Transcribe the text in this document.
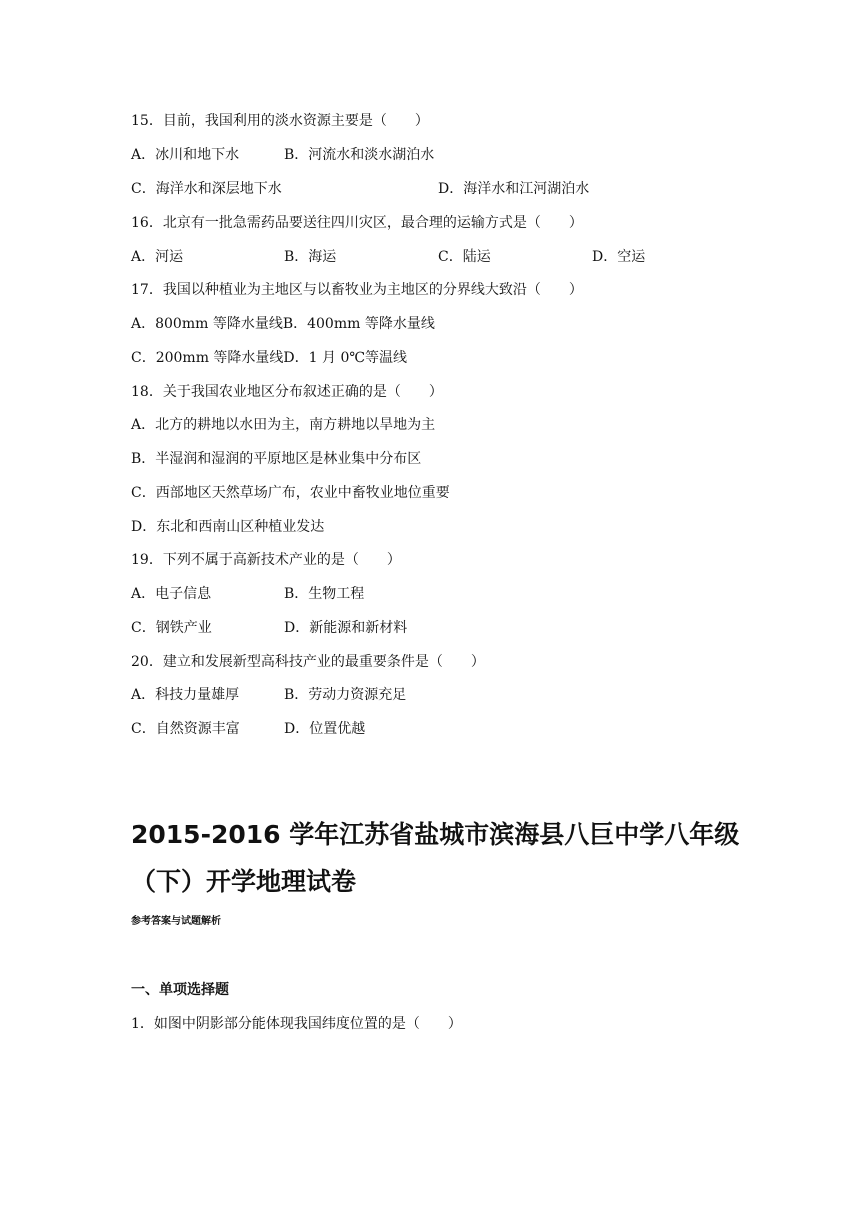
15．目前，我国利用的淡水资源主要是（　　）
A．冰川和地下水	B．河流水和淡水湖泊水
C．海洋水和深层地下水	D．海洋水和江河湖泊水
16．北京有一批急需药品要送往四川灾区，最合理的运输方式是（　　）
A．河运	B．海运	C．陆运	D．空运
17．我国以种植业为主地区与以畜牧业为主地区的分界线大致沿（　　）
A．800mm 等降水量线B．400mm 等降水量线
C．200mm 等降水量线D．1 月 0℃等温线
18．关于我国农业地区分布叙述正确的是（　　）
A．北方的耕地以水田为主，南方耕地以旱地为主
B．半湿润和湿润的平原地区是林业集中分布区
C．西部地区天然草场广布，农业中畜牧业地位重要
D．东北和西南山区种植业发达
19．下列不属于高新技术产业的是（　　）
A．电子信息	B．生物工程
C．钢铁产业	D．新能源和新材料
20．建立和发展新型高科技产业的最重要条件是（　　）
A．科技力量雄厚	B．劳动力资源充足
C．自然资源丰富	D．位置优越
2015-2016 学年江苏省盐城市滨海县八巨中学八年级
（下）开学地理试卷
参考答案与试题解析
一、单项选择题
1．如图中阴影部分能体现我国纬度位置的是（　　）
